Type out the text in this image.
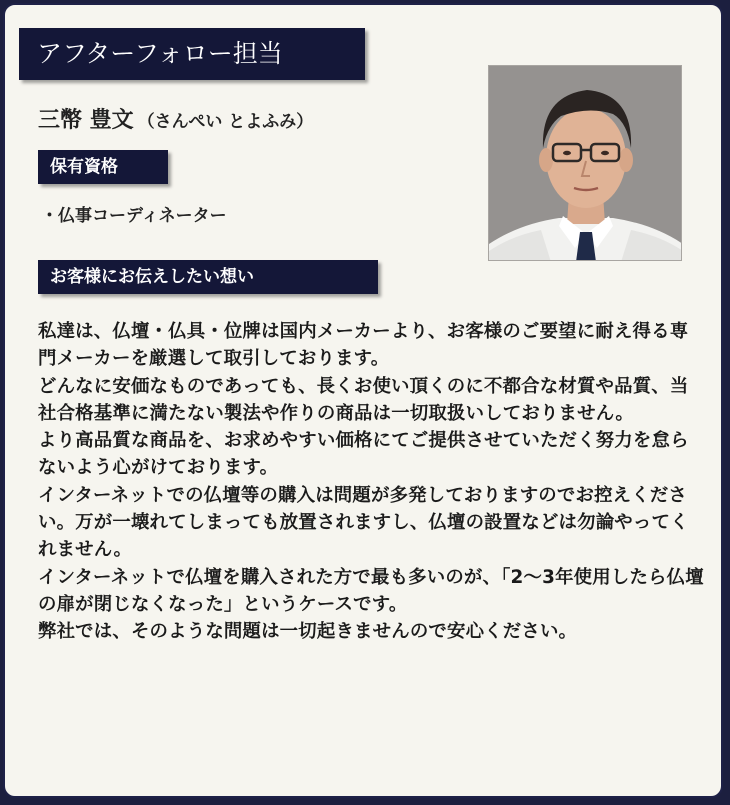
アフターフォロー担当
三幣 豊文 （さんぺい とよふみ）
保有資格
・仏事コーディネーター
お客様にお伝えしたい想い

私達は、仏壇・仏具・位牌は国内メーカーより、お客様のご要望に耐え得る専門メーカーを厳選して取引しております。

どんなに安価なものであっても、長くお使い頂くのに不都合な材質や品質、当社合格基準に満たない製法や作りの商品は一切取扱いしておりません。

より高品質な商品を、お求めやすい価格にてご提供させていただく努力を怠らないよう心がけております。

インターネットでの仏壇等の購入は問題が多発しておりますのでお控えください。万が一壊れてしまっても放置されますし、仏壇の設置などは勿論やってくれません。

インターネットで仏壇を購入された方で最も多いのが、「2〜3年使用したら仏壇の扉が閉じなくなった」というケースです。

弊社では、そのような問題は一切起きませんので安心ください。
